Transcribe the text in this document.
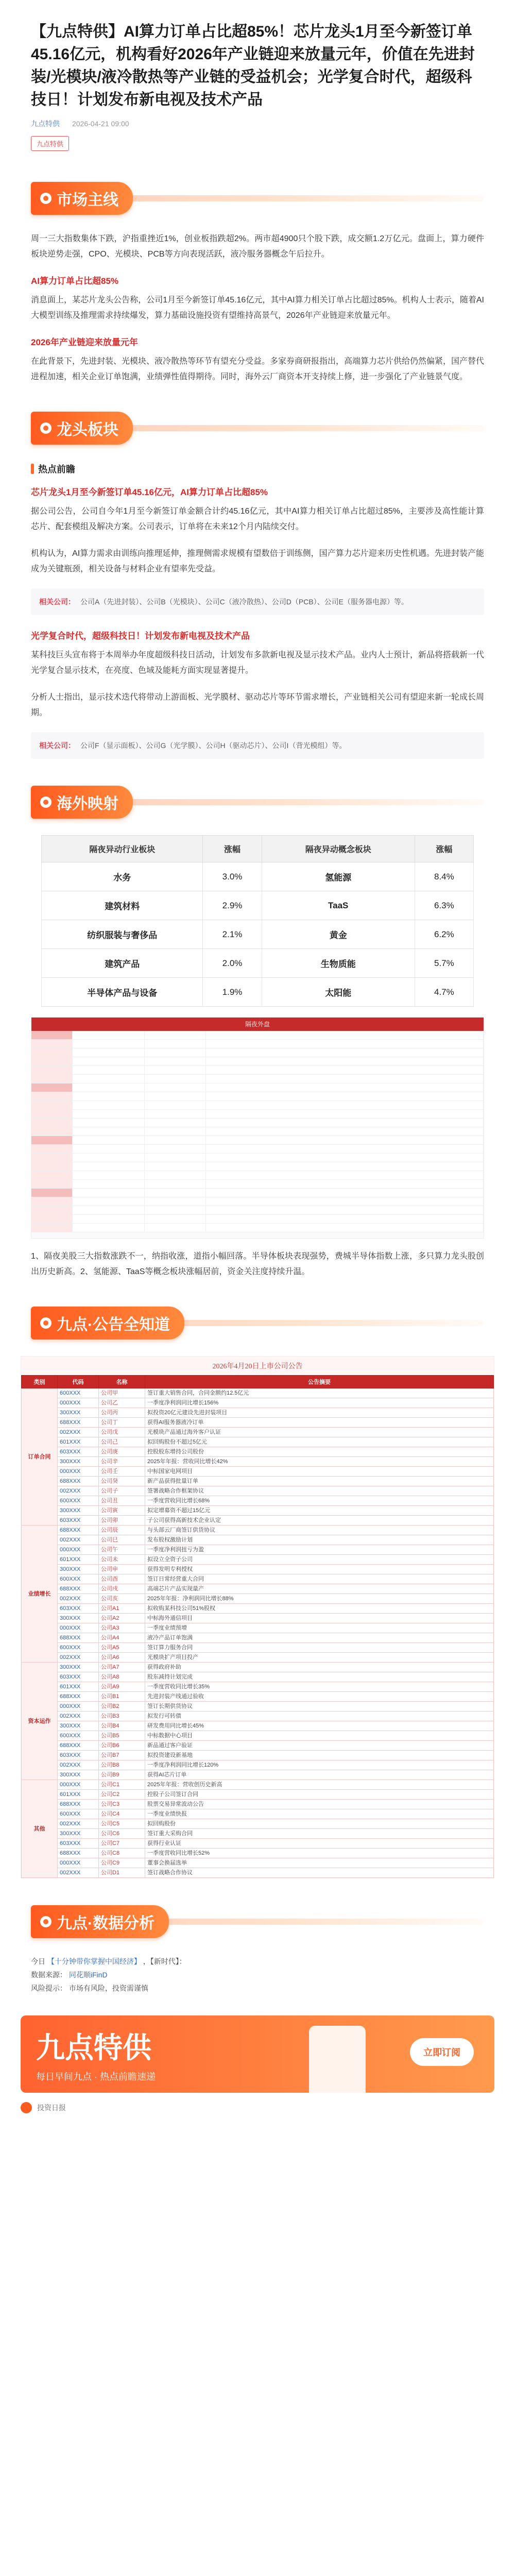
【九点特供】AI算力订单占比超85%！芯片龙头1月至今新签订单45.16亿元，机构看好2026年产业链迎来放量元年，价值在先进封装/光模块/液冷散热等产业链的受益机会；光学复合时代，超级科技日！计划发布新电视及技术产品
九点特供 2026-04-21 09:00
九点特供
市场主线

周一三大指数集体下跌，沪指重挫近1%，创业板指跌超2%。两市超4900只个股下跌，成交额1.2万亿元。盘面上，算力硬件板块逆势走强，CPO、光模块、PCB等方向表现活跃，液冷服务器概念午后拉升。

AI算力订单占比超85%

消息面上，某芯片龙头公告称，公司1月至今新签订单45.16亿元，其中AI算力相关订单占比超过85%。机构人士表示，随着AI大模型训练及推理需求持续爆发，算力基础设施投资有望维持高景气，2026年产业链迎来放量元年。

2026年产业链迎来放量元年

在此背景下，先进封装、光模块、液冷散热等环节有望充分受益。多家券商研报指出，高端算力芯片供给仍然偏紧，国产替代进程加速，相关企业订单饱满，业绩弹性值得期待。同时，海外云厂商资本开支持续上修，进一步强化了产业链景气度。

龙头板块
热点前瞻

芯片龙头1月至今新签订单45.16亿元，AI算力订单占比超85%

据公司公告，公司自今年1月至今新签订单金额合计约45.16亿元，其中AI算力相关订单占比超过85%，主要涉及高性能计算芯片、配套模组及解决方案。公司表示，订单将在未来12个月内陆续交付。

机构认为，AI算力需求由训练向推理延伸，推理侧需求规模有望数倍于训练侧，国产算力芯片迎来历史性机遇。先进封装产能成为关键瓶颈，相关设备与材料企业有望率先受益。

相关公司： 公司A（先进封装）、公司B（光模块）、公司C（液冷散热）、公司D（PCB）、公司E（服务器电源）等。

光学复合时代，超级科技日！计划发布新电视及技术产品

某科技巨头宣布将于本周举办年度超级科技日活动，计划发布多款新电视及显示技术产品。业内人士预计，新品将搭载新一代光学复合显示技术，在亮度、色域及能耗方面实现显著提升。

分析人士指出，显示技术迭代将带动上游面板、光学膜材、驱动芯片等环节需求增长，产业链相关公司有望迎来新一轮成长周期。

相关公司： 公司F（显示面板）、公司G（光学膜）、公司H（驱动芯片）、公司I（背光模组）等。
海外映射
隔夜异动行业板块	涨幅	隔夜异动概念板块	涨幅
水务	3.0%	氢能源	8.4%
建筑材料	2.9%	TaaS	6.3%
纺织服装与奢侈品	2.1%	黄金	6.2%
建筑产品	2.0%	生物质能	5.7%
半导体产品与设备	1.9%	太阳能	4.7%
隔夜外盘

1、隔夜美股三大指数涨跌不一，纳指收涨，道指小幅回落。半导体板块表现强势，费城半导体指数上涨，多只算力龙头股创出历史新高。2、氢能源、TaaS等概念板块涨幅居前，资金关注度持续升温。

九点·公告全知道
2026年4月20日上市公司公告
类别	代码	名称	公告摘要
订单合同	600XXX	公司甲	签订重大销售合同，合同金额约12.5亿元
	000XXX	公司乙	一季度净利润同比增长156%
	300XXX	公司丙	拟投资20亿元建设先进封装项目
	688XXX	公司丁	获得AI服务器液冷订单
	002XXX	公司戊	光模块产品通过海外客户认证
	601XXX	公司己	拟回购股份不超过5亿元
	603XXX	公司庚	控股股东增持公司股份
	300XXX	公司辛	2025年年报：营收同比增长42%
	000XXX	公司壬	中标国家电网项目
	688XXX	公司癸	新产品获得批量订单
	002XXX	公司子	签署战略合作框架协议
	600XXX	公司丑	一季度营收同比增长68%
	300XXX	公司寅	拟定增募资不超过15亿元
	603XXX	公司卯	子公司获得高新技术企业认定
业绩增长	688XXX	公司辰	与头部云厂商签订供货协议
	002XXX	公司巳	发布股权激励计划
	000XXX	公司午	一季度净利润扭亏为盈
	601XXX	公司未	拟设立全资子公司
	300XXX	公司申	获得发明专利授权
	600XXX	公司酉	签订日常经营重大合同
	688XXX	公司戌	高端芯片产品实现量产
	002XXX	公司亥	2025年年报：净利润同比增长88%
	603XXX	公司A1	拟收购某科技公司51%股权
	300XXX	公司A2	中标海外通信项目
	000XXX	公司A3	一季度业绩预增
	688XXX	公司A4	液冷产品订单饱满
	600XXX	公司A5	签订算力服务合同
	002XXX	公司A6	光模块扩产项目投产
资本运作	300XXX	公司A7	获得政府补助
	603XXX	公司A8	股东减持计划完成
	601XXX	公司A9	一季度营收同比增长35%
	688XXX	公司B1	先进封装产线通过验收
	000XXX	公司B2	签订长期供货协议
	002XXX	公司B3	拟发行可转债
	300XXX	公司B4	研发费用同比增长45%
	600XXX	公司B5	中标数据中心项目
	688XXX	公司B6	新品通过客户验证
	603XXX	公司B7	拟投资建设新基地
	002XXX	公司B8	一季度净利润同比增长120%
	300XXX	公司B9	获得AI芯片订单
其他	000XXX	公司C1	2025年年报：营收创历史新高
	601XXX	公司C2	控股子公司签订合同
	688XXX	公司C3	股票交易异常波动公告
	600XXX	公司C4	一季度业绩快报
	002XXX	公司C5	拟回购股份
	300XXX	公司C6	签订重大采购合同
	603XXX	公司C7	获得行业认证
	688XXX	公司C8	一季度营收同比增长52%
	000XXX	公司C9	董事会换届选举
	002XXX	公司D1	签订战略合作协议
九点·数据分析
今日 【十分钟带你掌握中国经济】 ，【新时代】：
数据来源： 同花顺iFinD
风险提示： 市场有风险，投资需谨慎
九点特供
每日早间九点 · 热点前瞻速递
立即订阅
投资日报
